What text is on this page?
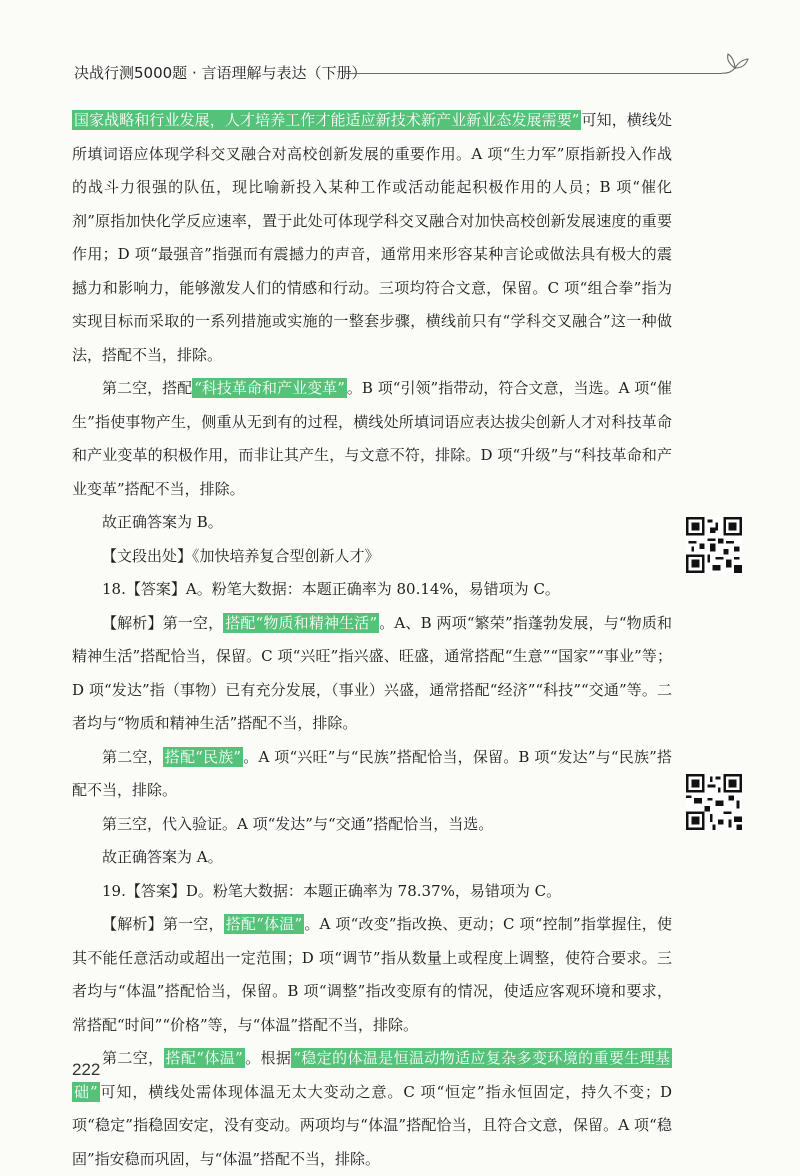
决战行测5000题 · 言语理解与表达（下册）

国家战略和行业发展，人才培养工作才能适应新技术新产业新业态发展需要” 可知，横线处所填词语应体现学科交叉融合对高校创新发展的重要作用。A 项“生力军”原指新投入作战的战斗力很强的队伍，现比喻新投入某种工作或活动能起积极作用的人员；B 项“催化剂”原指加快化学反应速率，置于此处可体现学科交叉融合对加快高校创新发展速度的重要作用；D 项“最强音”指强而有震撼力的声音，通常用来形容某种言论或做法具有极大的震撼力和影响力，能够激发人们的情感和行动。三项均符合文意，保留。C 项“组合拳”指为实现目标而采取的一系列措施或实施的一整套步骤，横线前只有“学科交叉融合”这一种做法，搭配不当，排除。

第二空，搭配 “科技革命和产业变革” 。B 项“引领”指带动，符合文意，当选。A 项“催生”指使事物产生，侧重从无到有的过程，横线处所填词语应表达拔尖创新人才对科技革命和产业变革的积极作用，而非让其产生，与文意不符，排除。D 项“升级”与“科技革命和产业变革”搭配不当，排除。

故正确答案为 B。

【文段出处】《加快培养复合型创新人才》

18.【答案】A。粉笔大数据：本题正确率为 80.14%，易错项为 C。

【解析】第一空， 搭配“物质和精神生活” 。A、B 两项“繁荣”指蓬勃发展，与“物质和精神生活”搭配恰当，保留。C 项“兴旺”指兴盛、旺盛，通常搭配“生意”“国家”“事业”等；D 项“发达”指（事物）已有充分发展，（事业）兴盛，通常搭配“经济”“科技”“交通”等。二者均与“物质和精神生活”搭配不当，排除。

第二空， 搭配“民族” 。A 项“兴旺”与“民族”搭配恰当，保留。B 项“发达”与“民族”搭配不当，排除。

第三空，代入验证。A 项“发达”与“交通”搭配恰当，当选。

故正确答案为 A。

19.【答案】D。粉笔大数据：本题正确率为 78.37%，易错项为 C。

【解析】第一空， 搭配“体温” 。A 项“改变”指改换、更动；C 项“控制”指掌握住，使其不能任意活动或超出一定范围；D 项“调节”指从数量上或程度上调整，使符合要求。三者均与“体温”搭配恰当，保留。B 项“调整”指改变原有的情况，使适应客观环境和要求，常搭配“时间”“价格”等，与“体温”搭配不当，排除。

第二空， 搭配“体温” 。根据 “稳定的体温是恒温动物适应复杂多变环境的重要生理基础” 可知，横线处需体现体温无太大变动之意。C 项“恒定”指永恒固定，持久不变；D 项“稳定”指稳固安定，没有变动。两项均与“体温”搭配恰当，且符合文意，保留。A 项“稳固”指安稳而巩固，与“体温”搭配不当，排除。

222
